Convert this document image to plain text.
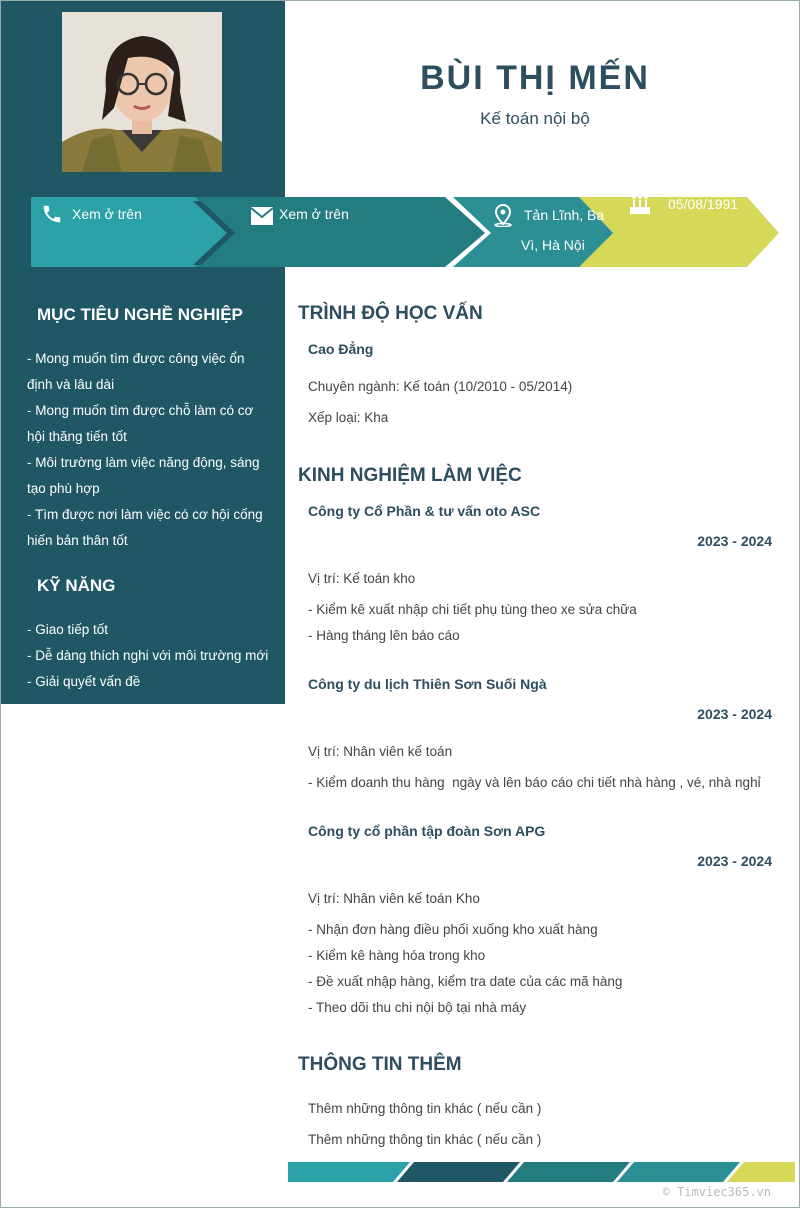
BÙI THỊ MẾN
Kế toán nội bộ
Xem ở trên	Xem ở trên	Tản Lĩnh, Ba
Vì, Hà Nội
05/08/1991
MỤC TIÊU NGHỀ NGHIỆP
- Mong muốn tìm được công việc ổn
định và lâu dài
- Mong muốn tìm được chỗ làm có cơ
hội thăng tiến tốt
- Môi trường làm việc năng động, sáng
tạo phù hợp
- Tìm được nơi làm việc có cơ hội cống
hiến bản thân tốt
KỸ NĂNG
- Giao tiếp tốt
- Dễ dàng thích nghi với môi trường mới
- Giải quyết vấn đề
TRÌNH ĐỘ HỌC VẤN
Cao Đẳng
Chuyên ngành: Kế toán (10/2010 - 05/2014)
Xếp loại: Kha
KINH NGHIỆM LÀM VIỆC
Công ty Cổ Phần & tư vấn oto ASC
2023 - 2024
Vị trí: Kế toán kho
- Kiểm kê xuất nhập chi tiết phụ tùng theo xe sửa chữa
- Hàng tháng lên báo cáo
Công ty du lịch Thiên Sơn Suối Ngà
2023 - 2024
Vị trí: Nhân viên kế toán
- Kiểm doanh thu hàng  ngày và lên báo cáo chi tiết nhà hàng , vé, nhà nghỉ
Công ty cổ phần tập đoàn Sơn APG
2023 - 2024
Vị trí: Nhân viên kế toán Kho
- Nhận đơn hàng điều phối xuống kho xuất hàng
- Kiểm kê hàng hóa trong kho
- Đề xuất nhập hàng, kiểm tra date của các mã hàng
- Theo dõi thu chi nội bộ tại nhà máy
THÔNG TIN THÊM
Thêm những thông tin khác ( nếu cần )
Thêm những thông tin khác ( nếu cần )
© Timviec365.vn
